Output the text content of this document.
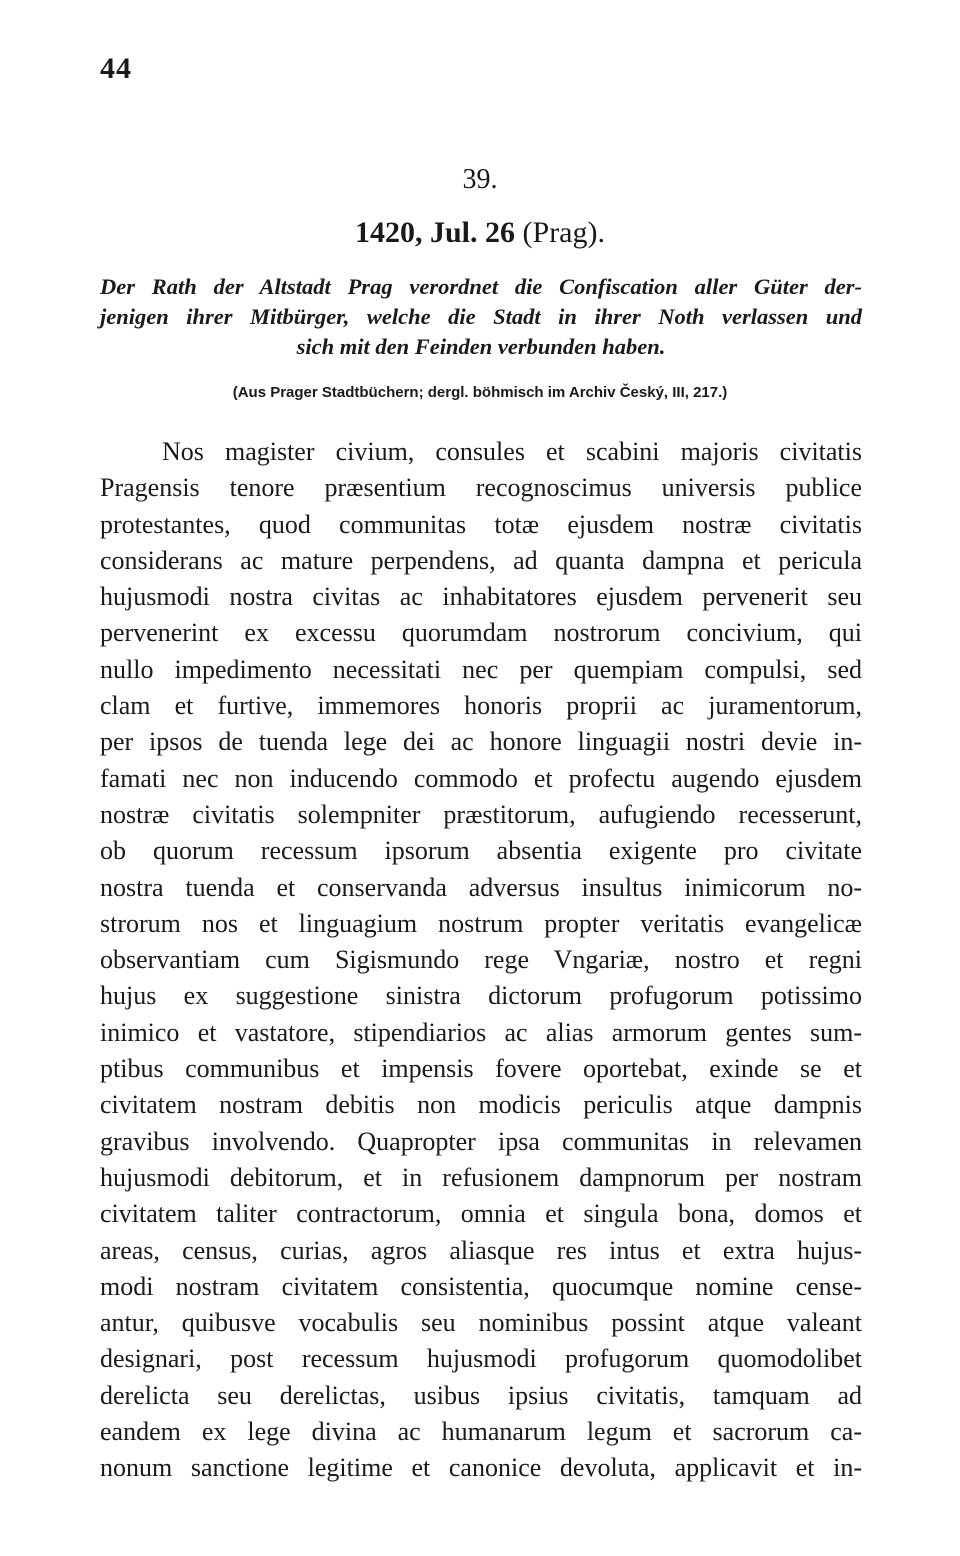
44
39.
1420, Jul. 26 (Prag).
Der Rath der Altstadt Prag verordnet die Confiscation aller Güter der-
jenigen ihrer Mitbürger, welche die Stadt in ihrer Noth verlassen und
sich mit den Feinden verbunden haben.
(Aus Prager Stadtbüchern; dergl. böhmisch im Archiv Český, III, 217.)
Nos magister civium, consules et scabini majoris civitatis
Pragensis tenore præsentium recognoscimus universis publice
protestantes, quod communitas totæ ejusdem nostræ civitatis
considerans ac mature perpendens, ad quanta dampna et pericula
hujusmodi nostra civitas ac inhabitatores ejusdem pervenerit seu
pervenerint ex excessu quorumdam nostrorum concivium, qui
nullo impedimento necessitati nec per quempiam compulsi, sed
clam et furtive, immemores honoris proprii ac juramentorum,
per ipsos de tuenda lege dei ac honore linguagii nostri devie in-
famati nec non inducendo commodo et profectu augendo ejusdem
nostræ civitatis solempniter præstitorum, aufugiendo recesserunt,
ob quorum recessum ipsorum absentia exigente pro civitate
nostra tuenda et conservanda adversus insultus inimicorum no-
strorum nos et linguagium nostrum propter veritatis evangelicæ
observantiam cum Sigismundo rege Vngariæ, nostro et regni
hujus ex suggestione sinistra dictorum profugorum potissimo
inimico et vastatore, stipendiarios ac alias armorum gentes sum-
ptibus communibus et impensis fovere oportebat, exinde se et
civitatem nostram debitis non modicis periculis atque dampnis
gravibus involvendo. Quapropter ipsa communitas in relevamen
hujusmodi debitorum, et in refusionem dampnorum per nostram
civitatem taliter contractorum, omnia et singula bona, domos et
areas, census, curias, agros aliasque res intus et extra hujus-
modi nostram civitatem consistentia, quocumque nomine cense-
antur, quibusve vocabulis seu nominibus possint atque valeant
designari, post recessum hujusmodi profugorum quomodolibet
derelicta seu derelictas, usibus ipsius civitatis, tamquam ad
eandem ex lege divina ac humanarum legum et sacrorum ca-
nonum sanctione legitime et canonice devoluta, applicavit et in-
